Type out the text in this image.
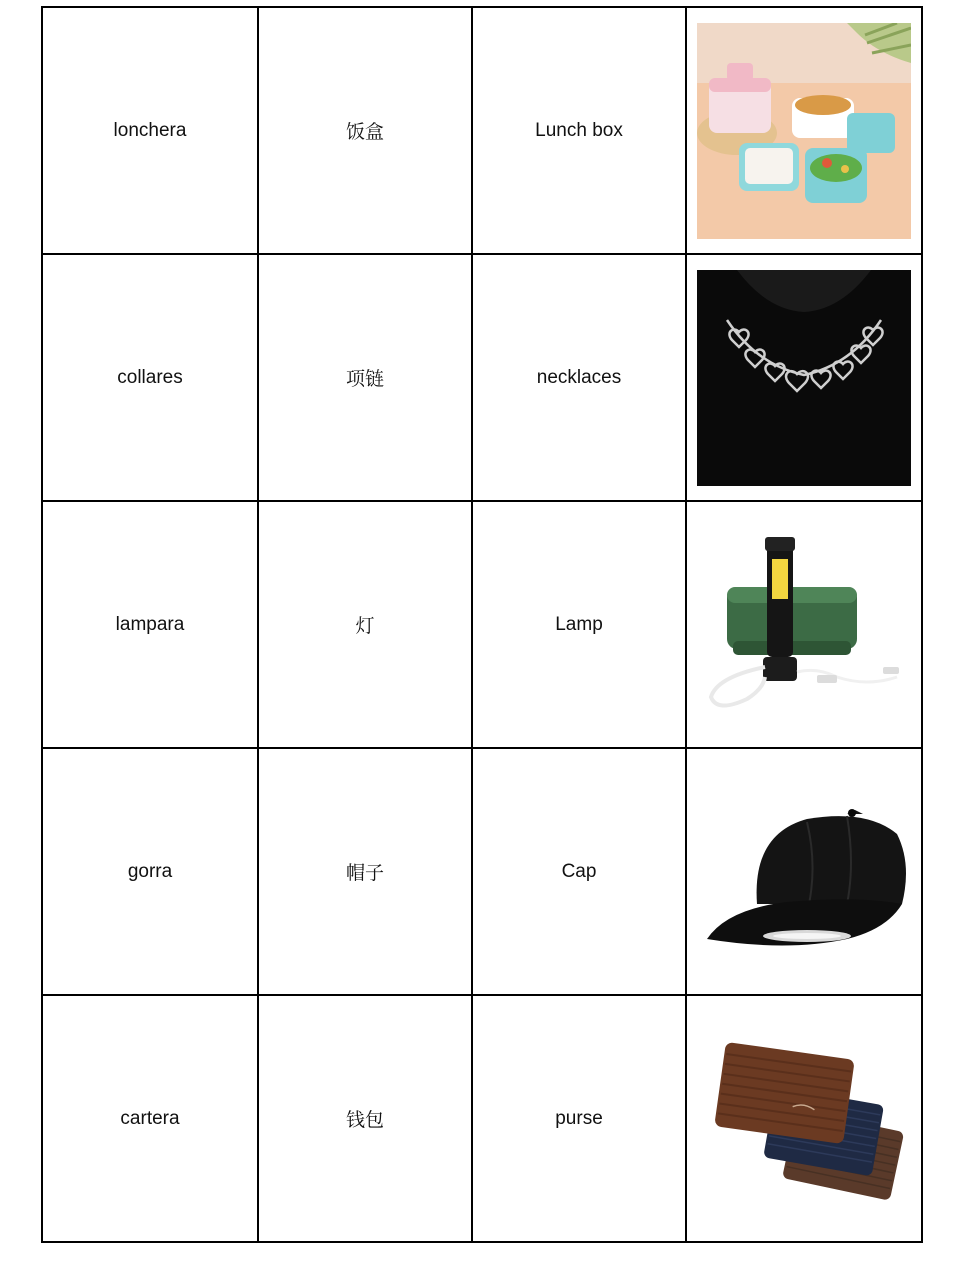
lonchera	饭盒	Lunch box	

collares	项链	necklaces	

lampara	灯	Lamp	

gorra	帽子	Cap	

cartera	钱包	purse	
